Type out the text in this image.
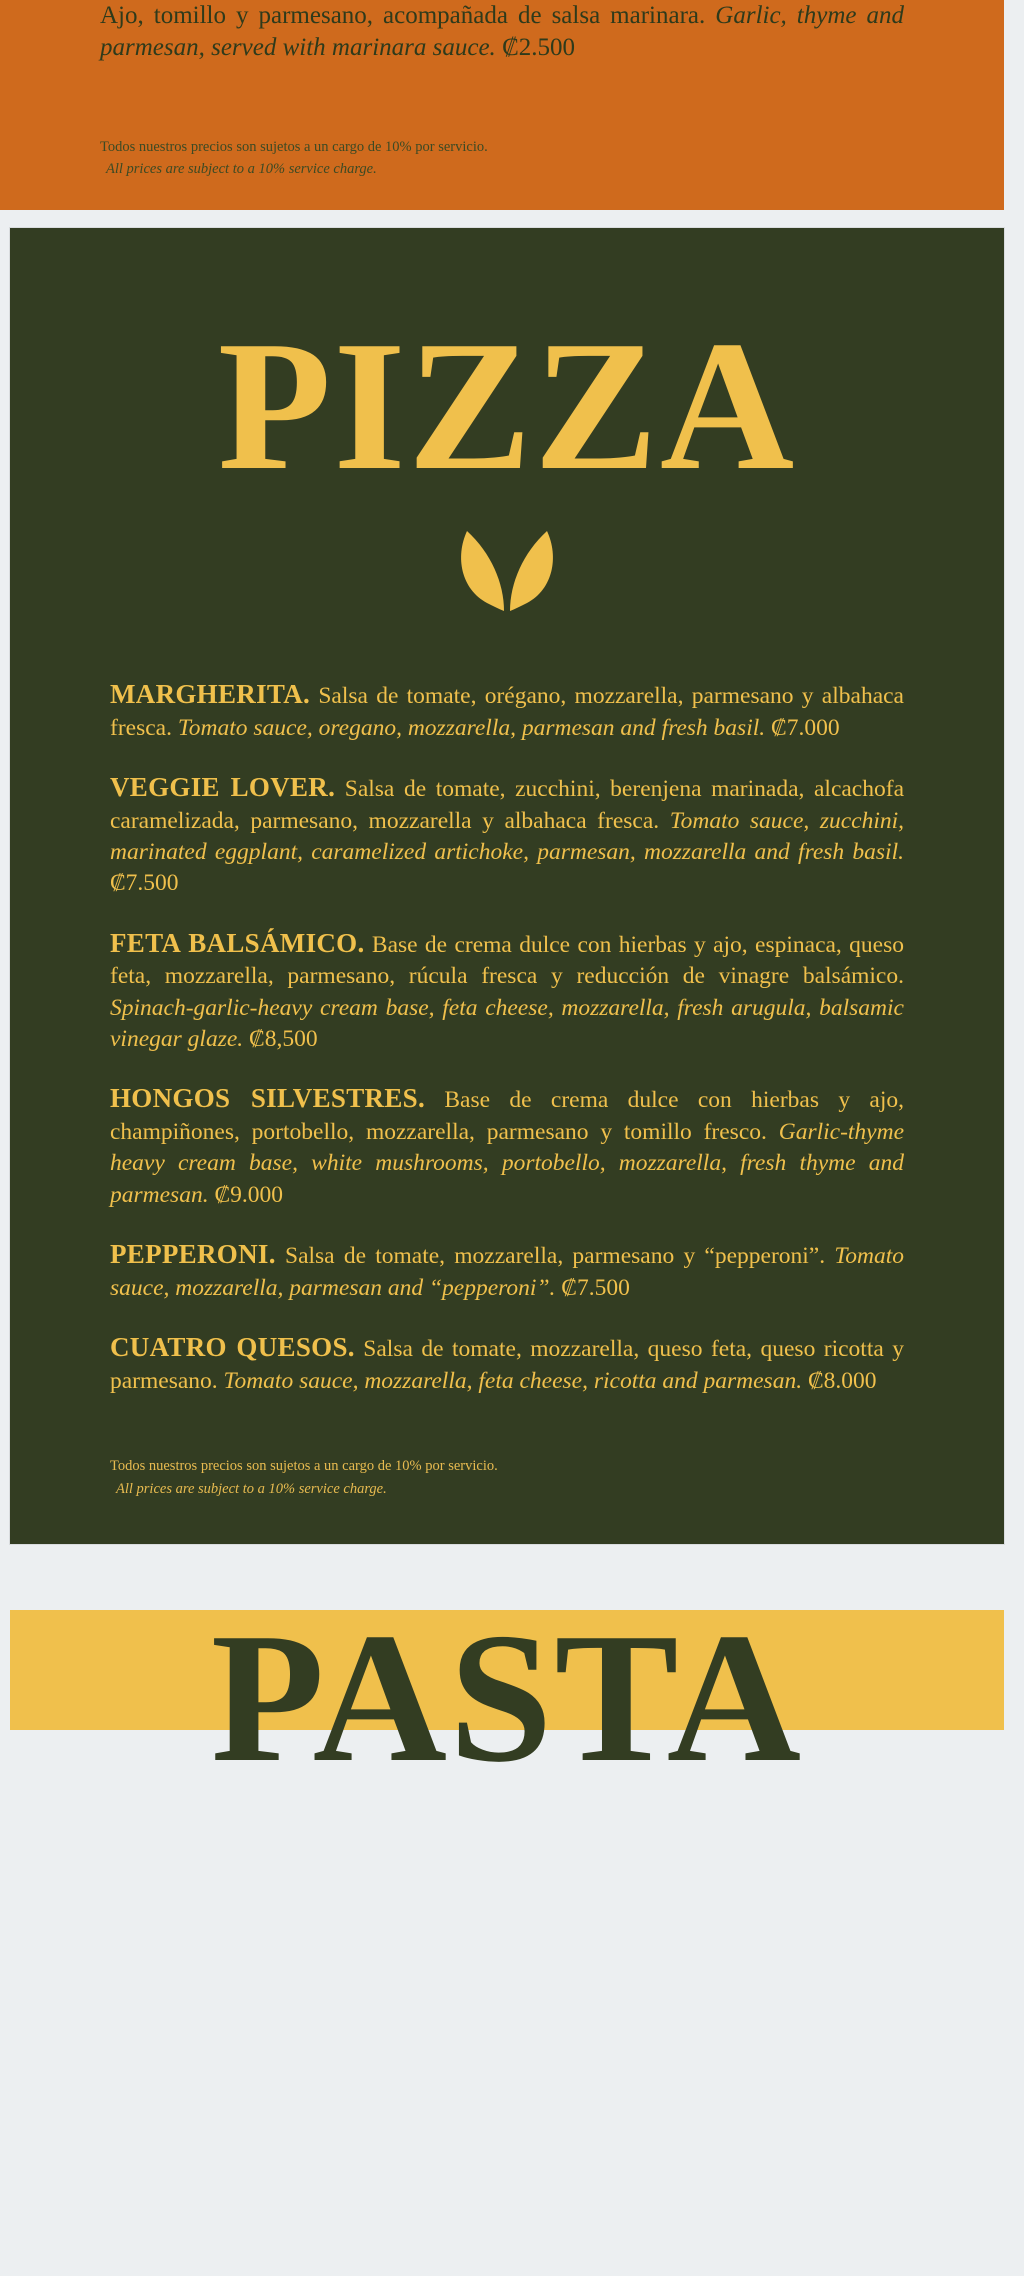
Ajo, tomillo y parmesano, acompañada de salsa marinara. Garlic, thyme and parmesan, served with marinara sauce. ₡2.500

Todos nuestros precios son sujetos a un cargo de 10% por servicio.
All prices are subject to a 10% service charge.
PIZZA

MARGHERITA. Salsa de tomate, orégano, mozzarella, parmesano y albahaca fresca. Tomato sauce, oregano, mozzarella, parmesan and fresh basil. ₡7.000

VEGGIE LOVER. Salsa de tomate, zucchini, berenjena marinada, alcachofa caramelizada, parmesano, mozzarella y albahaca fresca. Tomato sauce, zucchini, marinated eggplant, caramelized artichoke, parmesan, mozzarella and fresh basil. ₡7.500

FETA BALSÁMICO. Base de crema dulce con hierbas y ajo, espinaca, queso feta, mozzarella, parmesano, rúcula fresca y reducción de vinagre balsámico. Spinach-garlic-heavy cream base, feta cheese, mozzarella, fresh arugula, balsamic vinegar glaze. ₡8,500

HONGOS SILVESTRES. Base de crema dulce con hierbas y ajo, champiñones, portobello, mozzarella, parmesano y tomillo fresco. Garlic-thyme heavy cream base, white mushrooms, portobello, mozzarella, fresh thyme and parmesan. ₡9.000

PEPPERONI. Salsa de tomate, mozzarella, parmesano y “pepperoni”. Tomato sauce, mozzarella, parmesan and “pepperoni”. ₡7.500

CUATRO QUESOS. Salsa de tomate, mozzarella, queso feta, queso ricotta y parmesano. Tomato sauce, mozzarella, feta cheese, ricotta and parmesan. ₡8.000

Todos nuestros precios son sujetos a un cargo de 10% por servicio.
All prices are subject to a 10% service charge.
PASTA
